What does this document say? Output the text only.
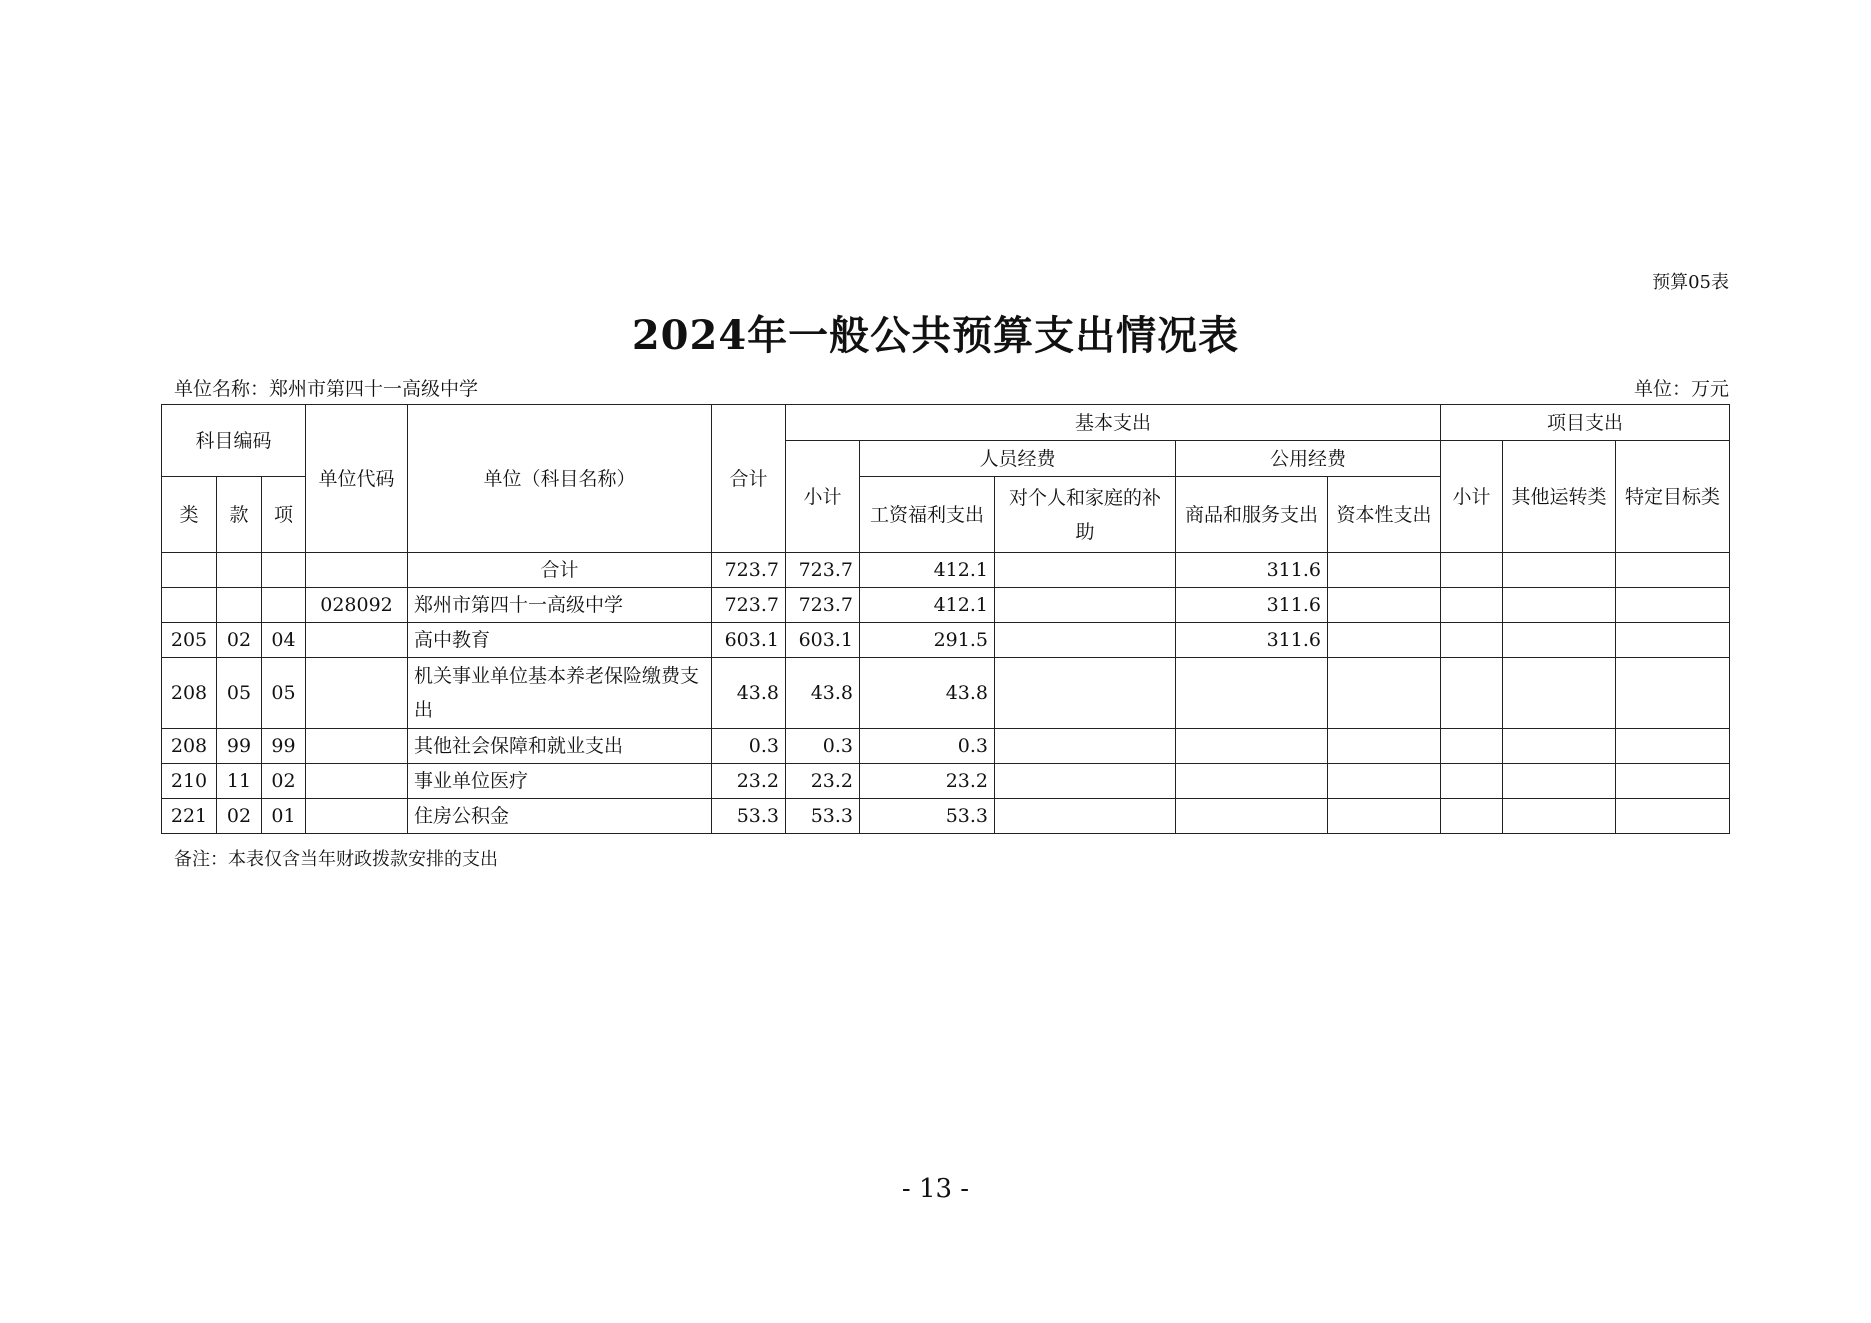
预算05表
2024年一般公共预算支出情况表
单位名称：郑州市第四十一高级中学	单位：万元
科目编码			单位代码	单位（科目名称）	合计	基本支出					项目支出		
						小计	人员经费		公用经费		小计	其他运转类	特定目标类
类	款	项					工资福利支出	对个人和家庭的补助	商品和服务支出	资本性支出			
				合计	723.7	723.7	412.1		311.6				
			028092	郑州市第四十一高级中学	723.7	723.7	412.1		311.6				
205	02	04		高中教育	603.1	603.1	291.5		311.6				
208	05	05		机关事业单位基本养老保险缴费支出	43.8	43.8	43.8						
208	99	99		其他社会保障和就业支出	0.3	0.3	0.3						
210	11	02		事业单位医疗	23.2	23.2	23.2						
221	02	01		住房公积金	53.3	53.3	53.3						
备注：本表仅含当年财政拨款安排的支出
- 13 -
